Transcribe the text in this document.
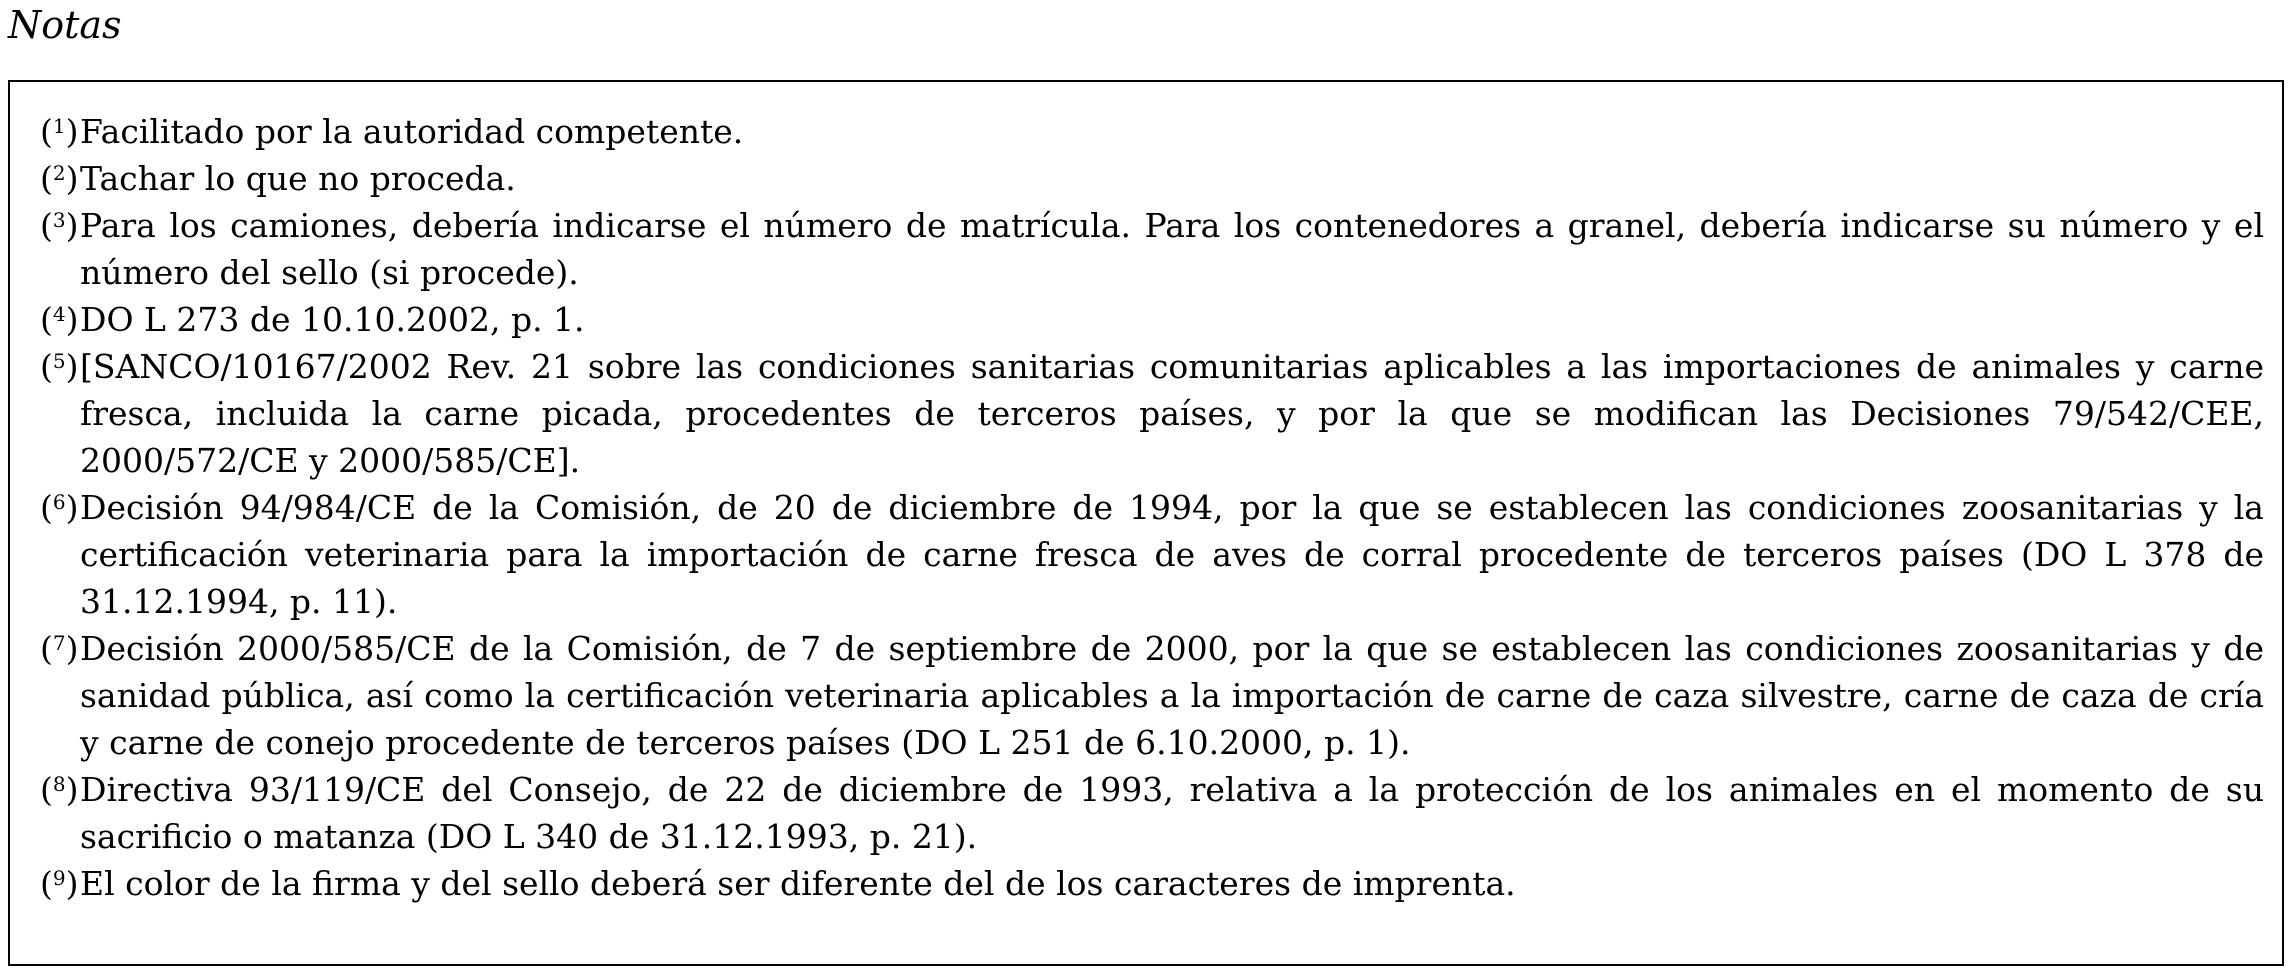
Notas

($^1$) Facilitado por la autoridad competente.

($^2$) Tachar lo que no proceda.

($^3$) Para los camiones, debería indicarse el número de matrícula. Para los contenedores a granel, debería indicarse su número y el número del sello (si procede).

($^4$) DO L 273 de 10.10.2002, p. 1.

($^5$) [SANCO/10167/2002 Rev. 21 sobre las condiciones sanitarias comunitarias aplicables a las importaciones de animales y carne fresca, incluida la carne picada, procedentes de terceros países, y por la que se modifican las Decisiones 79/542/CEE, 2000/572/CE y 2000/585/CE].

($^6$) Decisión 94/984/CE de la Comisión, de 20 de diciembre de 1994, por la que se establecen las condiciones zoosanitarias y la certificación veterinaria para la importación de carne fresca de aves de corral procedente de terceros países (DO L 378 de 31.12.1994, p. 11).

($^7$) Decisión 2000/585/CE de la Comisión, de 7 de septiembre de 2000, por la que se establecen las condiciones zoosanitarias y de sanidad pública, así como la certificación veterinaria aplicables a la importación de carne de caza silvestre, carne de caza de cría y carne de conejo procedente de terceros países (DO L 251 de 6.10.2000, p. 1).

($^8$) Directiva 93/119/CE del Consejo, de 22 de diciembre de 1993, relativa a la protección de los animales en el momento de su sacrificio o matanza (DO L 340 de 31.12.1993, p. 21).

($^9$) El color de la firma y del sello deberá ser diferente del de los caracteres de imprenta.
